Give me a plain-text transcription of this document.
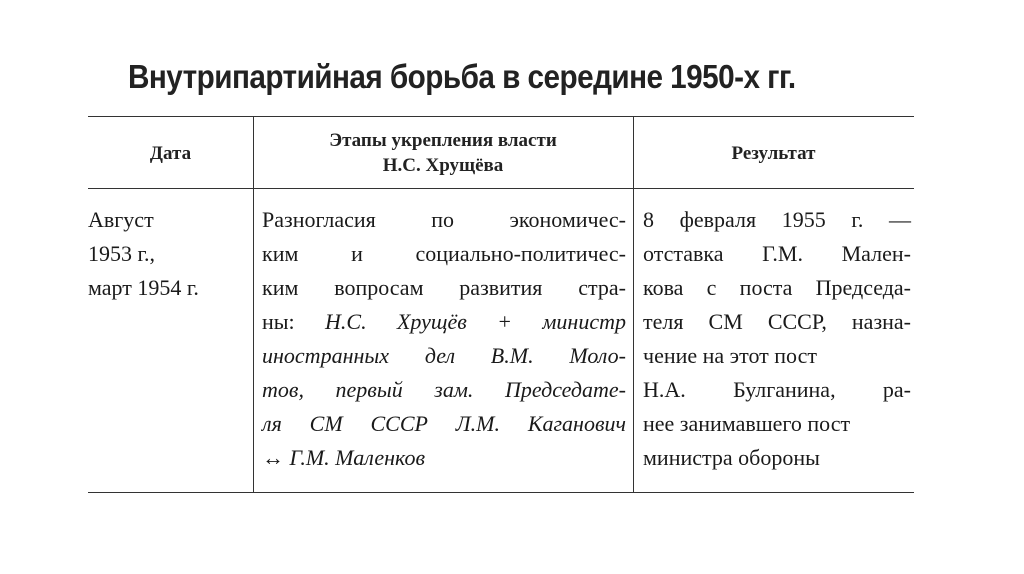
Внутрипартийная борьба в середине 1950-х гг.
Дата
Этапы укрепления власти
Н.С. Хрущёва
Результат
Август
1953 г.,
март 1954 г.
Разногласия по экономичес-
ким и социально-политичес-
ким вопросам развития стра-
ны: Н.С. Хрущёв + министр
иностранных дел В.М. Моло-
тов, первый зам. Председате-
ля СМ СССР Л.М. Каганович
↔ Г.М. Маленков
8 февраля 1955 г. —
отставка Г.М. Мален-
кова с поста Председа-
теля СМ СССР, назна-
чение на этот пост
Н.А. Булганина, ра-
нее занимавшего пост
министра обороны
